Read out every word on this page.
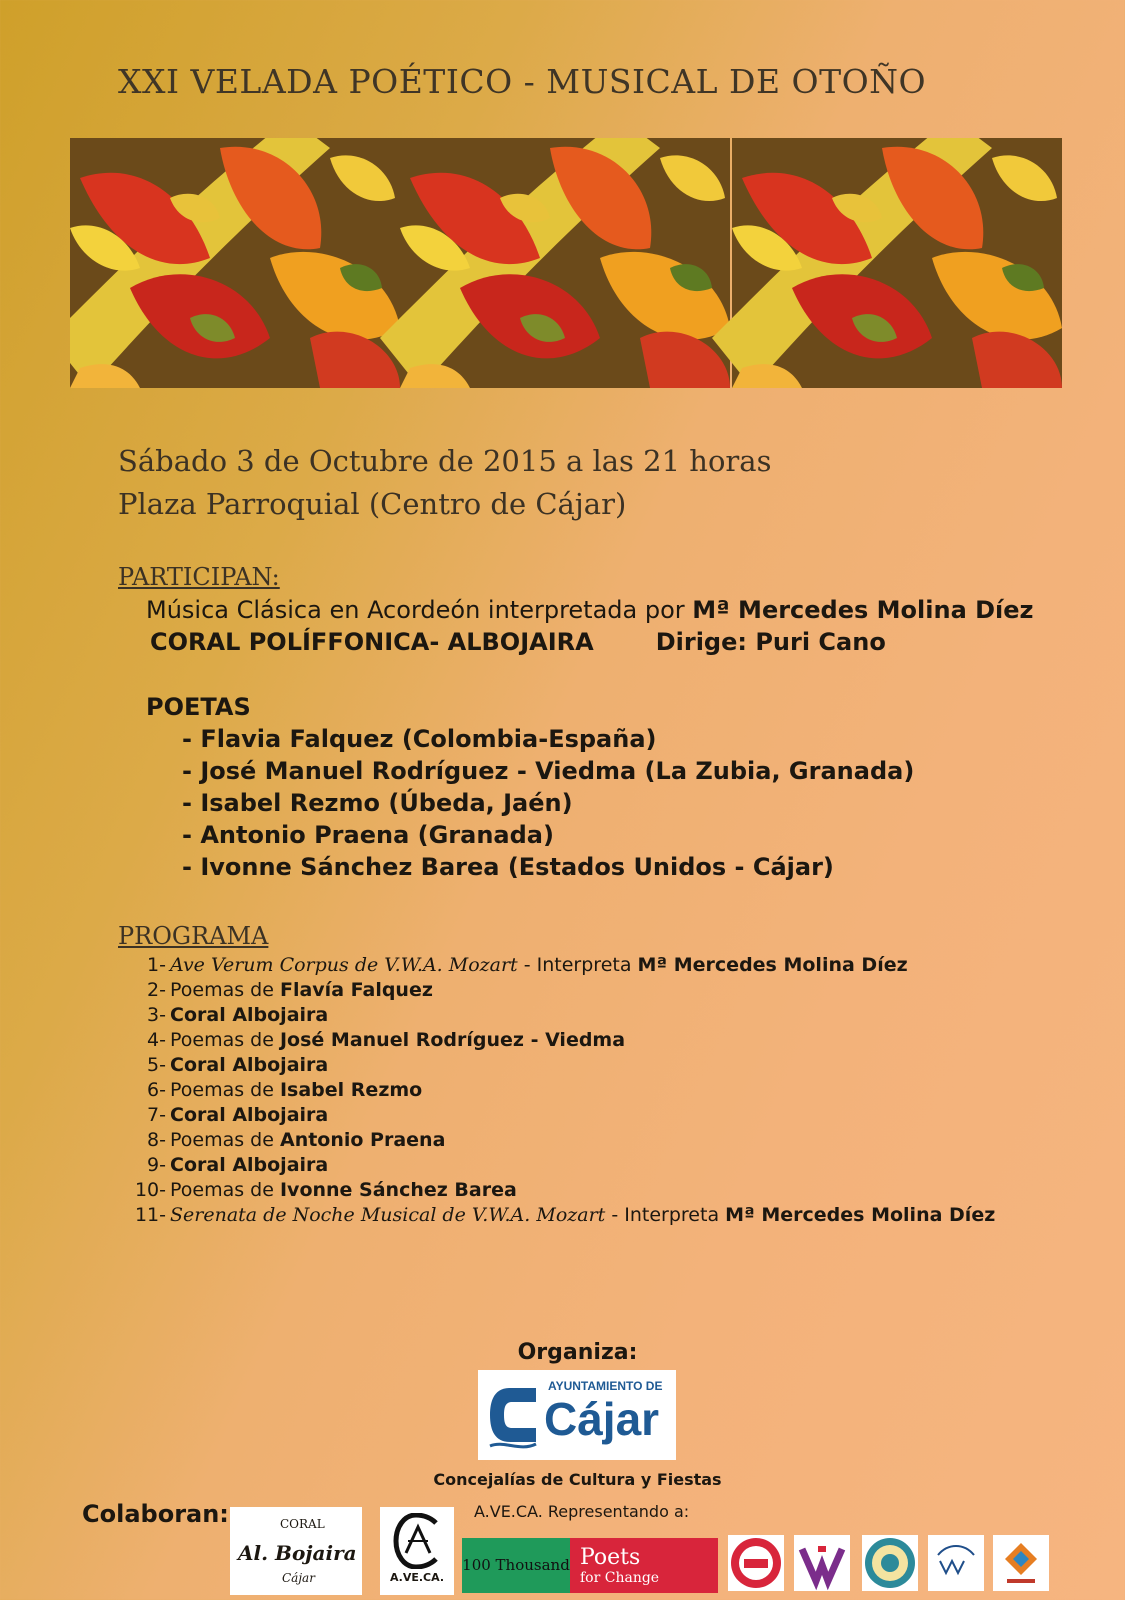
XXI VELADA POÉTICO - MUSICAL DE OTOÑO
Sábado 3 de Octubre de 2015 a las 21 horas
Plaza Parroquial (Centro de Cájar)
PARTICIPAN:
Música Clásica en Acordeón interpretada por Mª Mercedes Molina Díez
CORAL POLÍFFONICA- ALBOJAIRA	Dirige: Puri Cano
POETAS
- Flavia Falquez (Colombia-España)
- José Manuel Rodríguez - Viedma (La Zubia, Granada)
- Isabel Rezmo (Úbeda, Jaén)
- Antonio Praena (Granada)
- Ivonne Sánchez Barea (Estados Unidos - Cájar)
PROGRAMA
1- Ave Verum Corpus de V.W.A. Mozart - Interpreta Mª Mercedes Molina Díez
2- Poemas de Flavía Falquez
3- Coral Albojaira
4- Poemas de José Manuel Rodríguez - Viedma
5- Coral Albojaira
6- Poemas de Isabel Rezmo
7- Coral Albojaira
8- Poemas de Antonio Praena
9- Coral Albojaira
10- Poemas de Ivonne Sánchez Barea
11- Serenata de Noche Musical de V.W.A. Mozart - Interpreta Mª Mercedes Molina Díez
Organiza:
AYUNTAMIENTO DE
Cájar
Concejalías de Cultura y Fiestas
Colaboran:	A.VE.CA. Representando a:
CORAL
Al. Bojaira
Cájar	A.VE.CA.
100 Thousand Poets
for Change
